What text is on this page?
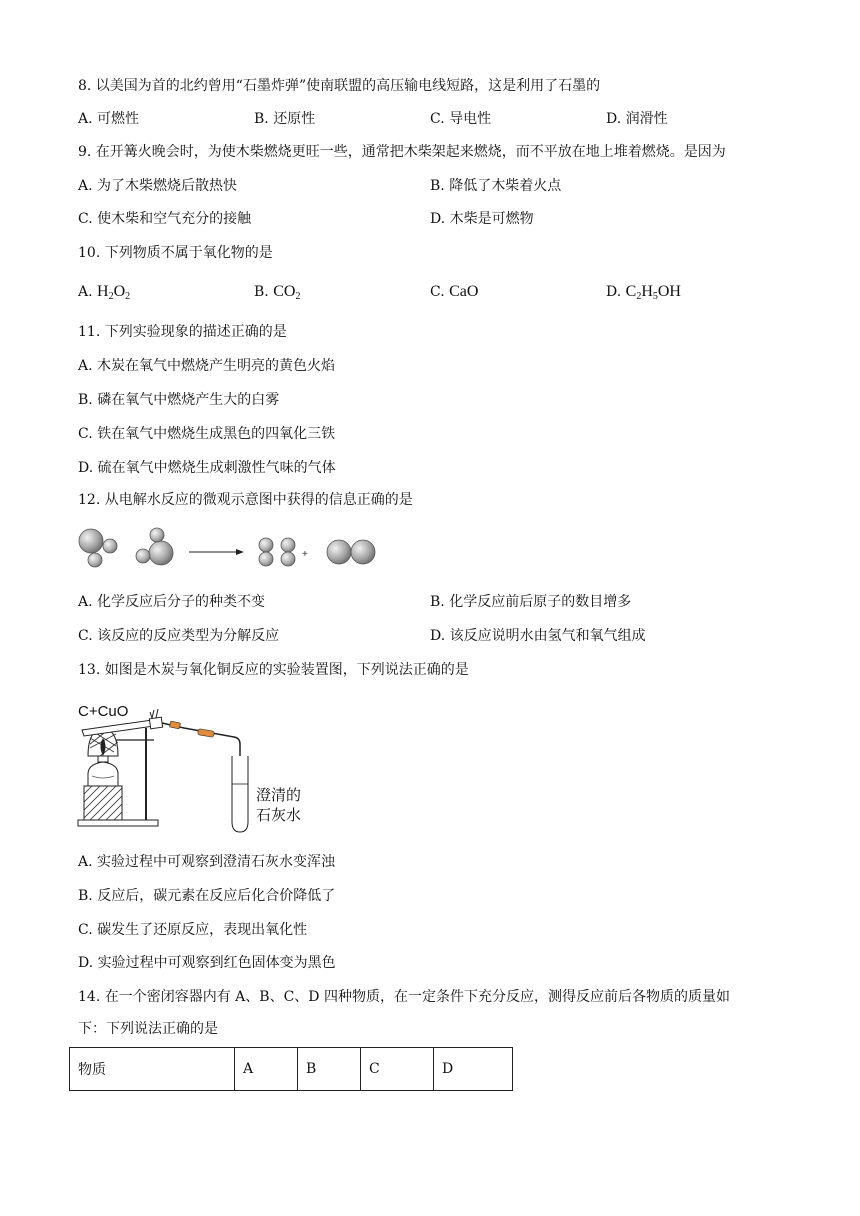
8. 以美国为首的北约曾用“石墨炸弹”使南联盟的高压输电线短路，这是利用了石墨的
A. 可燃性	B. 还原性	C. 导电性	D. 润滑性
9. 在开篝火晚会时，为使木柴燃烧更旺一些，通常把木柴架起来燃烧，而不平放在地上堆着燃烧。是因为
A. 为了木柴燃烧后散热快	B. 降低了木柴着火点
C. 使木柴和空气充分的接触	D. 木柴是可燃物
10. 下列物质不属于氧化物的是
A. $H_2O_2$	B. $CO_2$	C. CaO	D. $C_2H_5OH$
11. 下列实验现象的描述正确的是
A. 木炭在氧气中燃烧产生明亮的黄色火焰
B. 磷在氧气中燃烧产生大的白雾
C. 铁在氧气中燃烧生成黑色的四氧化三铁
D. 硫在氧气中燃烧生成刺激性气味的气体
12. 从电解水反应的微观示意图中获得的信息正确的是
+
A. 化学反应后分子的种类不变	B. 化学反应前后原子的数目增多
C. 该反应的反应类型为分解反应	D. 该反应说明水由氢气和氧气组成
13. 如图是木炭与氧化铜反应的实验装置图，下列说法正确的是
C+CuO
澄清的
石灰水
A. 实验过程中可观察到澄清石灰水变浑浊
B. 反应后，碳元素在反应后化合价降低了
C. 碳发生了还原反应，表现出氧化性
D. 实验过程中可观察到红色固体变为黑色
14. 在一个密闭容器内有 A、B、C、D 四种物质，在一定条件下充分反应，测得反应前后各物质的质量如
下：下列说法正确的是
物质	A	B	C	D
